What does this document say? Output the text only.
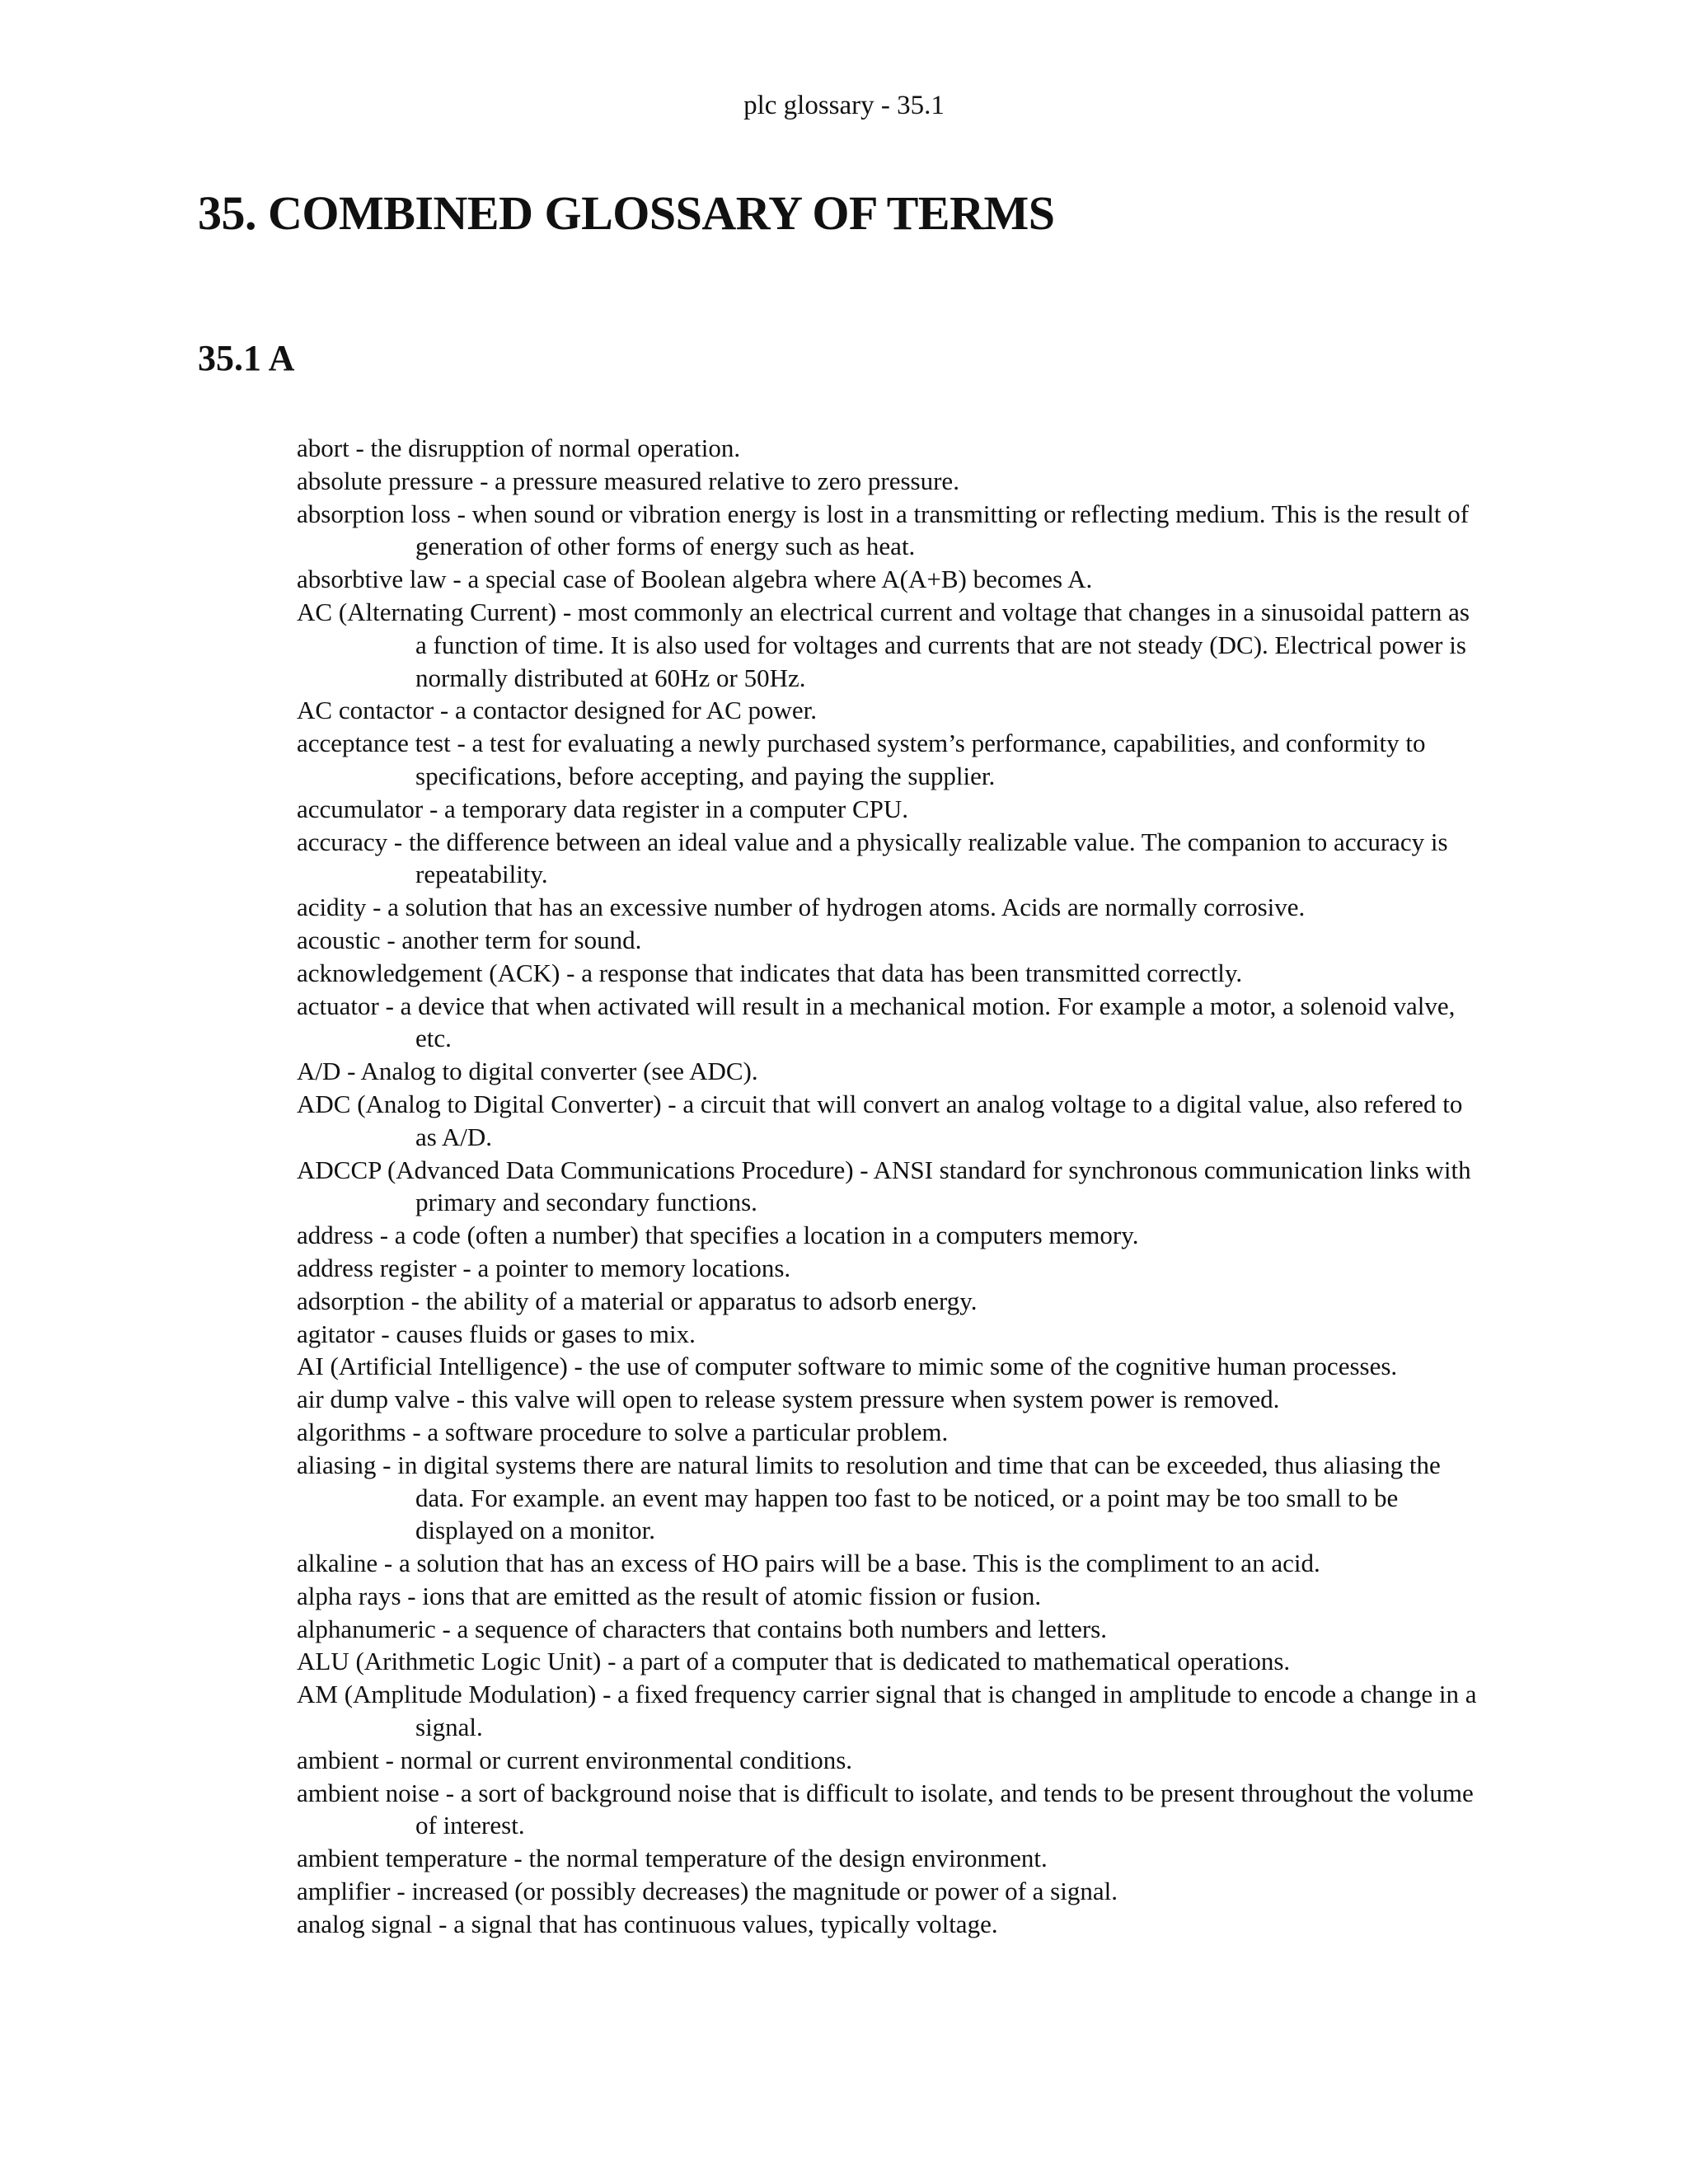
plc glossary - 35.1
35. COMBINED GLOSSARY OF TERMS
35.1 A
abort - the disrupption of normal operation.
absolute pressure - a pressure measured relative to zero pressure.
absorption loss - when sound or vibration energy is lost in a transmitting or reflecting medium. This is the result of generation of other forms of energy such as heat.
absorbtive law - a special case of Boolean algebra where A(A+B) becomes A.
AC (Alternating Current) - most commonly an electrical current and voltage that changes in a sinusoidal pattern as a function of time. It is also used for voltages and currents that are not steady (DC). Electrical power is normally distributed at 60Hz or 50Hz.
AC contactor - a contactor designed for AC power.
acceptance test - a test for evaluating a newly purchased system’s performance, capabilities, and conformity to specifications, before accepting, and paying the supplier.
accumulator - a temporary data register in a computer CPU.
accuracy - the difference between an ideal value and a physically realizable value. The companion to accuracy is repeatability.
acidity - a solution that has an excessive number of hydrogen atoms. Acids are normally corrosive.
acoustic - another term for sound.
acknowledgement (ACK) - a response that indicates that data has been transmitted correctly.
actuator - a device that when activated will result in a mechanical motion. For example a motor, a solenoid valve, etc.
A/D - Analog to digital converter (see ADC).
ADC (Analog to Digital Converter) - a circuit that will convert an analog voltage to a digital value, also refered to as A/D.
ADCCP (Advanced Data Communications Procedure) - ANSI standard for synchronous communication links with primary and secondary functions.
address - a code (often a number) that specifies a location in a computers memory.
address register - a pointer to memory locations.
adsorption - the ability of a material or apparatus to adsorb energy.
agitator - causes fluids or gases to mix.
AI (Artificial Intelligence) - the use of computer software to mimic some of the cognitive human processes.
air dump valve - this valve will open to release system pressure when system power is removed.
algorithms - a software procedure to solve a particular problem.
aliasing - in digital systems there are natural limits to resolution and time that can be exceeded, thus aliasing the data. For example. an event may happen too fast to be noticed, or a point may be too small to be displayed on a monitor.
alkaline - a solution that has an excess of HO pairs will be a base. This is the compliment to an acid.
alpha rays - ions that are emitted as the result of atomic fission or fusion.
alphanumeric - a sequence of characters that contains both numbers and letters.
ALU (Arithmetic Logic Unit) - a part of a computer that is dedicated to mathematical operations.
AM (Amplitude Modulation) - a fixed frequency carrier signal that is changed in amplitude to encode a change in a signal.
ambient - normal or current environmental conditions.
ambient noise - a sort of background noise that is difficult to isolate, and tends to be present throughout the volume of interest.
ambient temperature - the normal temperature of the design environment.
amplifier - increased (or possibly decreases) the magnitude or power of a signal.
analog signal - a signal that has continuous values, typically voltage.
